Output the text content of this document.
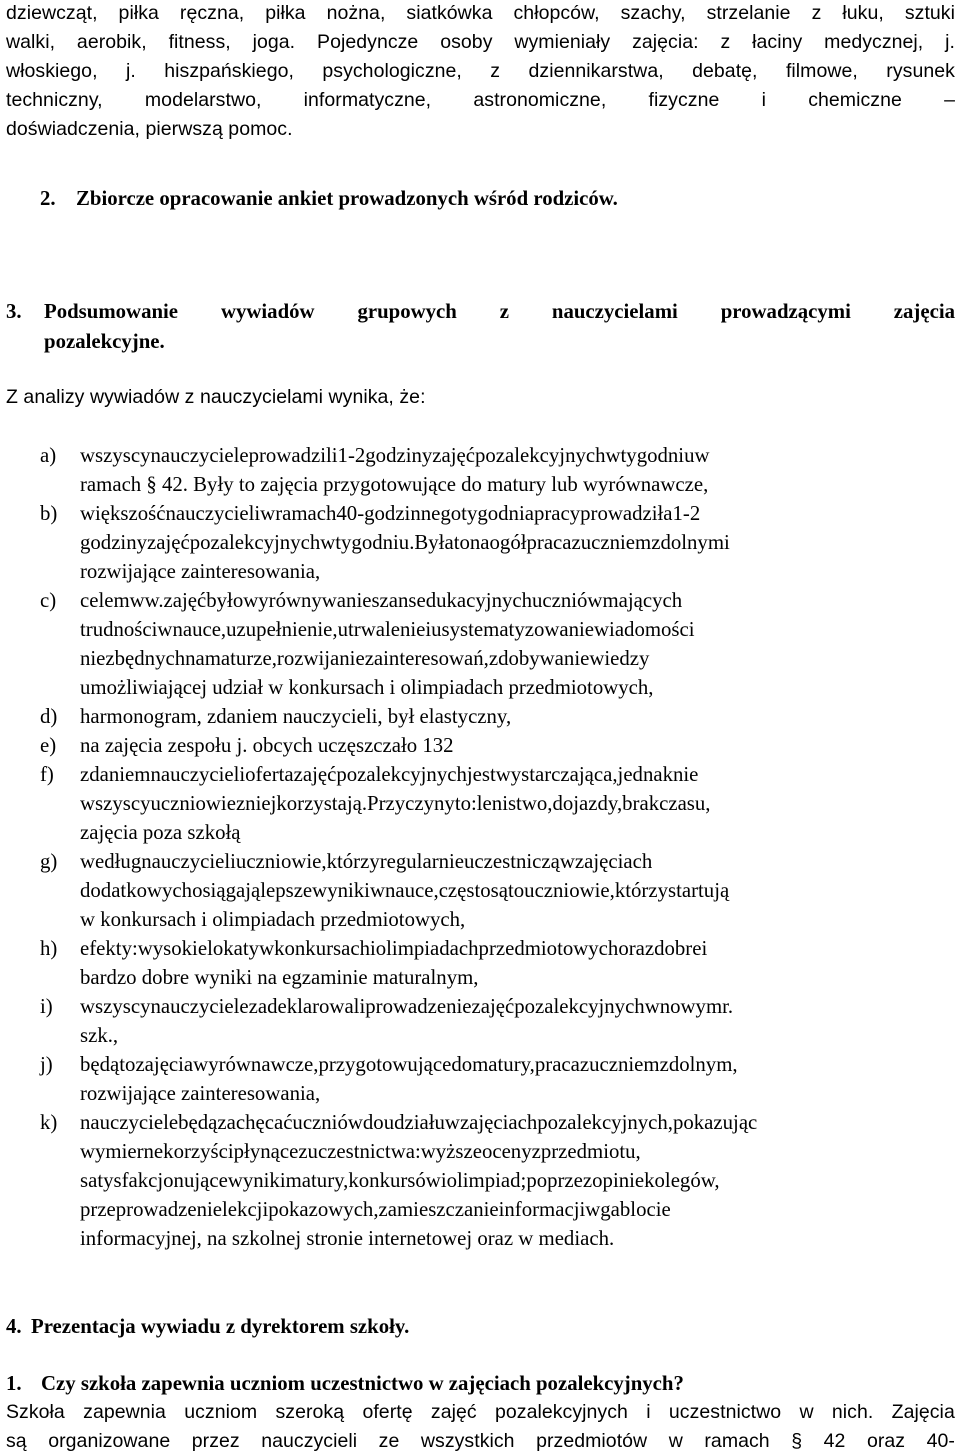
dziewcząt, piłka ręczna, piłka nożna, siatkówka chłopców, szachy, strzelanie z łuku, sztuki
walki, aerobik, fitness, joga. Pojedyncze osoby wymieniały zajęcia: z łaciny medycznej, j.
włoskiego, j. hiszpańskiego, psychologiczne, z dziennikarstwa, debatę, filmowe, rysunek
techniczny, modelarstwo, informatyczne, astronomiczne, fizyczne i chemiczne –
doświadczenia, pierwszą pomoc.
2. Zbiorcze opracowanie ankiet prowadzonych wśród rodziców.
3. Podsumowanie wywiadów grupowych z nauczycielami prowadzącymi zajęcia
pozalekcyjne.
Z analizy wywiadów z nauczycielami wynika, że:
a)	wszyscynauczycieleprowadzili1-2godzinyzajęćpozalekcyjnychwtygodniuw
ramach § 42. Były to zajęcia przygotowujące do matury lub wyrównawcze,
b)	większośćnauczycieliwramach40-godzinnegotygodniapracyprowadziła1-2
godzinyzajęćpozalekcyjnychwtygodniu.Byłatonaogółpracazuczniemzdolnymi
rozwijające zainteresowania,
c)	celemww.zajęćbyłowyrównywanieszansedukacyjnychuczniówmających
trudnościwnauce,uzupełnienie,utrwalenieiusystematyzowaniewiadomości
niezbędnychnamaturze,rozwijaniezainteresowań,zdobywaniewiedzy
umożliwiającej udział w konkursach i olimpiadach przedmiotowych,
d)	harmonogram, zdaniem nauczycieli, był elastyczny,
e)	na zajęcia zespołu j. obcych uczęszczało 132
f)	zdaniemnauczycieliofertazajęćpozalekcyjnychjestwystarczająca,jednaknie
wszyscyuczniowiezniejkorzystają.Przyczynyto:lenistwo,dojazdy,brakczasu,
zajęcia poza szkołą
g)	wedługnauczycieliuczniowie,którzyregularnieuczestnicząwzajęciach
dodatkowychosiągająlepszewynikiwnauce,częstosątouczniowie,którzystartują
w konkursach i olimpiadach przedmiotowych,
h)	efekty:wysokielokatywkonkursachiolimpiadachprzedmiotowychorazdobrei
bardzo dobre wyniki na egzaminie maturalnym,
i)	wszyscynauczycielezadeklarowaliprowadzeniezajęćpozalekcyjnychwnowymr.
szk.,
j)	będątozajęciawyrównawcze,przygotowującedomatury,pracazuczniemzdolnym,
rozwijające zainteresowania,
k)	nauczycielebędązachęcaćuczniówdoudziałuwzajęciachpozalekcyjnych,pokazując
wymiernekorzyścipłynącezuczestnictwa:wyższeocenyzprzedmiotu,
satysfakcjonującewynikimatury,konkursówiolimpiad;poprzezopiniekolegów,
przeprowadzenielekcjipokazowych,zamieszczanieinformacjiwgablocie
informacyjnej, na szkolnej stronie internetowej oraz w mediach.
4. Prezentacja wywiadu z dyrektorem szkoły.
1. Czy szkoła zapewnia uczniom uczestnictwo w zajęciach pozalekcyjnych?
Szkoła zapewnia uczniom szeroką ofertę zajęć pozalekcyjnych i uczestnictwo w nich. Zajęcia
są organizowane przez nauczycieli ze wszystkich przedmiotów w ramach § 42 oraz 40-
